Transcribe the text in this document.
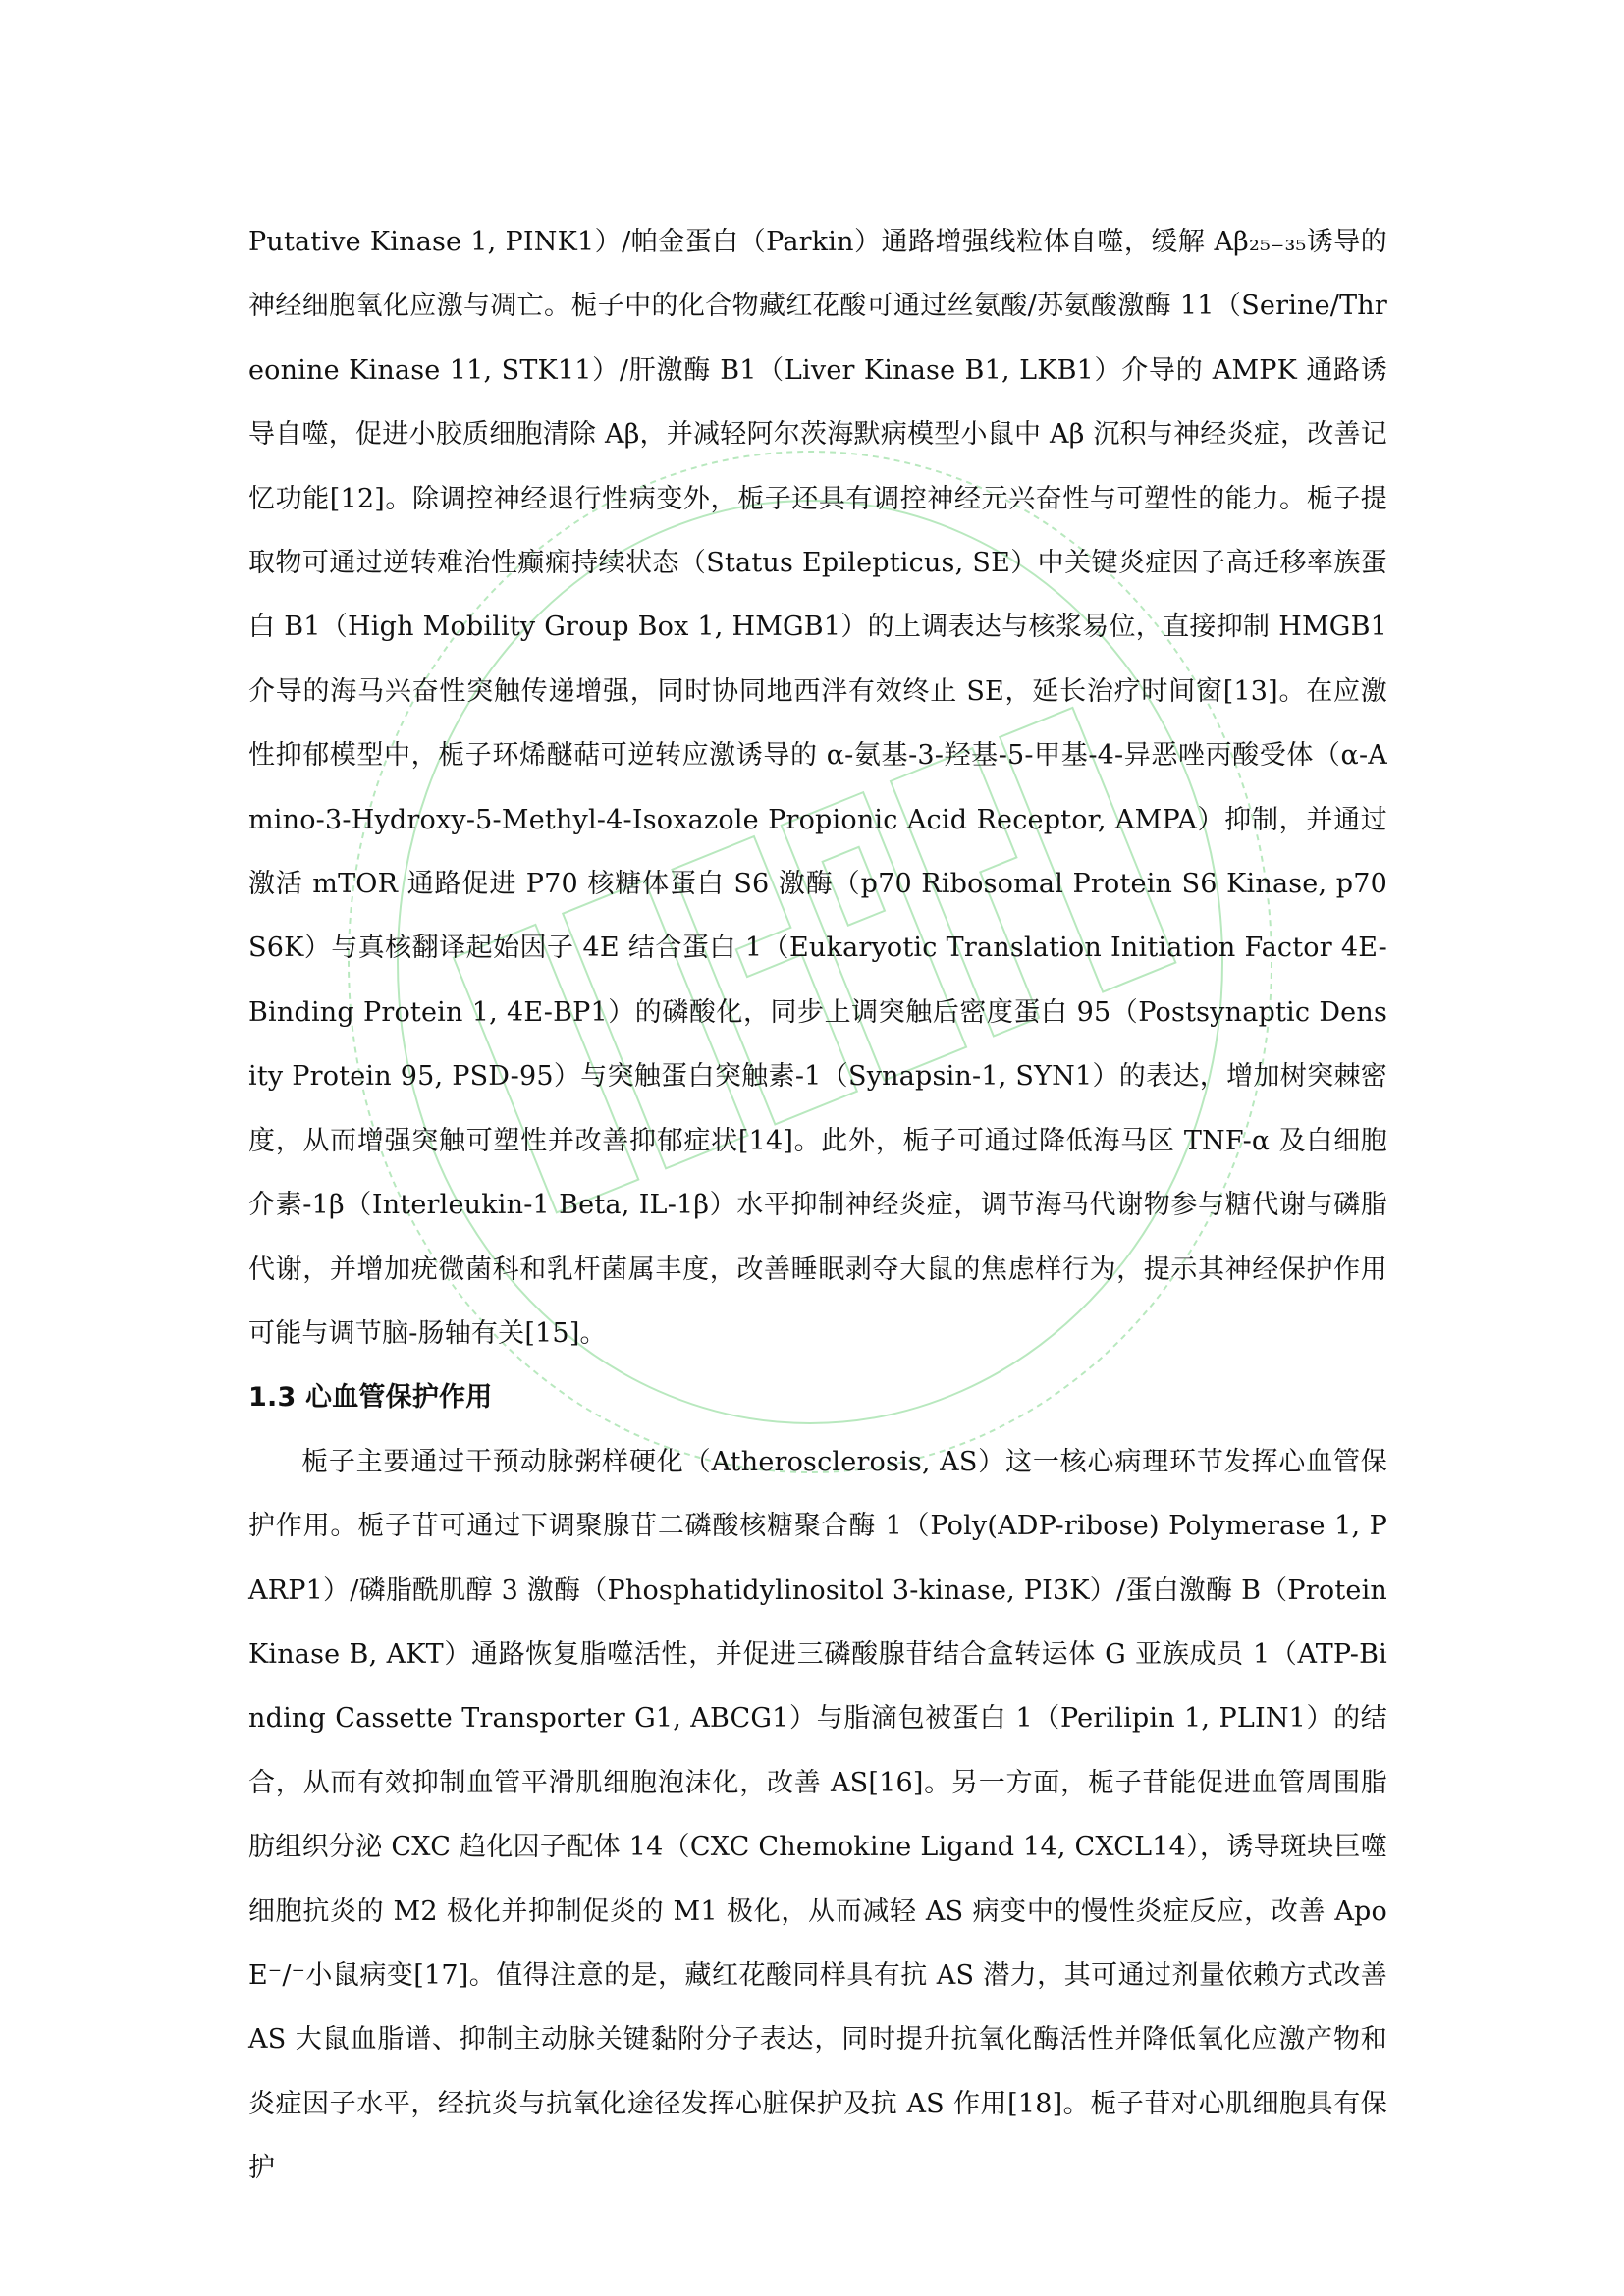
Putative Kinase 1, PINK1）/帕金蛋白（Parkin）通路增强线粒体自噬，缓解 Aβ₂₅₋₃₅诱导的神经细胞氧化应激与凋亡。栀子中的化合物藏红花酸可通过丝氨酸/苏氨酸激酶 11（Serine/Threonine Kinase 11, STK11）/肝激酶 B1（Liver Kinase B1, LKB1）介导的 AMPK 通路诱导自噬，促进小胶质细胞清除 Aβ，并减轻阿尔茨海默病模型小鼠中 Aβ 沉积与神经炎症，改善记忆功能[12]。除调控神经退行性病变外，栀子还具有调控神经元兴奋性与可塑性的能力。栀子提取物可通过逆转难治性癫痫持续状态（Status Epilepticus, SE）中关键炎症因子高迁移率族蛋白 B1（High Mobility Group Box 1, HMGB1）的上调表达与核浆易位，直接抑制 HMGB1 介导的海马兴奋性突触传递增强，同时协同地西泮有效终止 SE，延长治疗时间窗[13]。在应激性抑郁模型中，栀子环烯醚萜可逆转应激诱导的 α-氨基-3-羟基-5-甲基-4-异恶唑丙酸受体（α-Amino-3-Hydroxy-5-Methyl-4-Isoxazole Propionic Acid Receptor, AMPA）抑制，并通过激活 mTOR 通路促进 P70 核糖体蛋白 S6 激酶（p70 Ribosomal Protein S6 Kinase, p70S6K）与真核翻译起始因子 4E 结合蛋白 1（Eukaryotic Translation Initiation Factor 4E-Binding Protein 1, 4E-BP1）的磷酸化，同步上调突触后密度蛋白 95（Postsynaptic Density Protein 95, PSD-95）与突触蛋白突触素-1（Synapsin-1, SYN1）的表达，增加树突棘密度，从而增强突触可塑性并改善抑郁症状[14]。此外，栀子可通过降低海马区 TNF-α 及白细胞介素-1β（Interleukin-1 Beta, IL-1β）水平抑制神经炎症，调节海马代谢物参与糖代谢与磷脂代谢，并增加疣微菌科和乳杆菌属丰度，改善睡眠剥夺大鼠的焦虑样行为，提示其神经保护作用可能与调节脑-肠轴有关[15]。

1.3 心血管保护作用

栀子主要通过干预动脉粥样硬化（Atherosclerosis, AS）这一核心病理环节发挥心血管保护作用。栀子苷可通过下调聚腺苷二磷酸核糖聚合酶 1（Poly(ADP-ribose) Polymerase 1, PARP1）/磷脂酰肌醇 3 激酶（Phosphatidylinositol 3-kinase, PI3K）/蛋白激酶 B（Protein Kinase B, AKT）通路恢复脂噬活性，并促进三磷酸腺苷结合盒转运体 G 亚族成员 1（ATP-Binding Cassette Transporter G1, ABCG1）与脂滴包被蛋白 1（Perilipin 1, PLIN1）的结合，从而有效抑制血管平滑肌细胞泡沫化，改善 AS[16]。另一方面，栀子苷能促进血管周围脂肪组织分泌 CXC 趋化因子配体 14（CXC Chemokine Ligand 14, CXCL14），诱导斑块巨噬细胞抗炎的 M2 极化并抑制促炎的 M1 极化，从而减轻 AS 病变中的慢性炎症反应，改善 ApoE⁻/⁻小鼠病变[17]。值得注意的是，藏红花酸同样具有抗 AS 潜力，其可通过剂量依赖方式改善 AS 大鼠血脂谱、抑制主动脉关键黏附分子表达，同时提升抗氧化酶活性并降低氧化应激产物和炎症因子水平，经抗炎与抗氧化途径发挥心脏保护及抗 AS 作用[18]。栀子苷对心肌细胞具有保护
